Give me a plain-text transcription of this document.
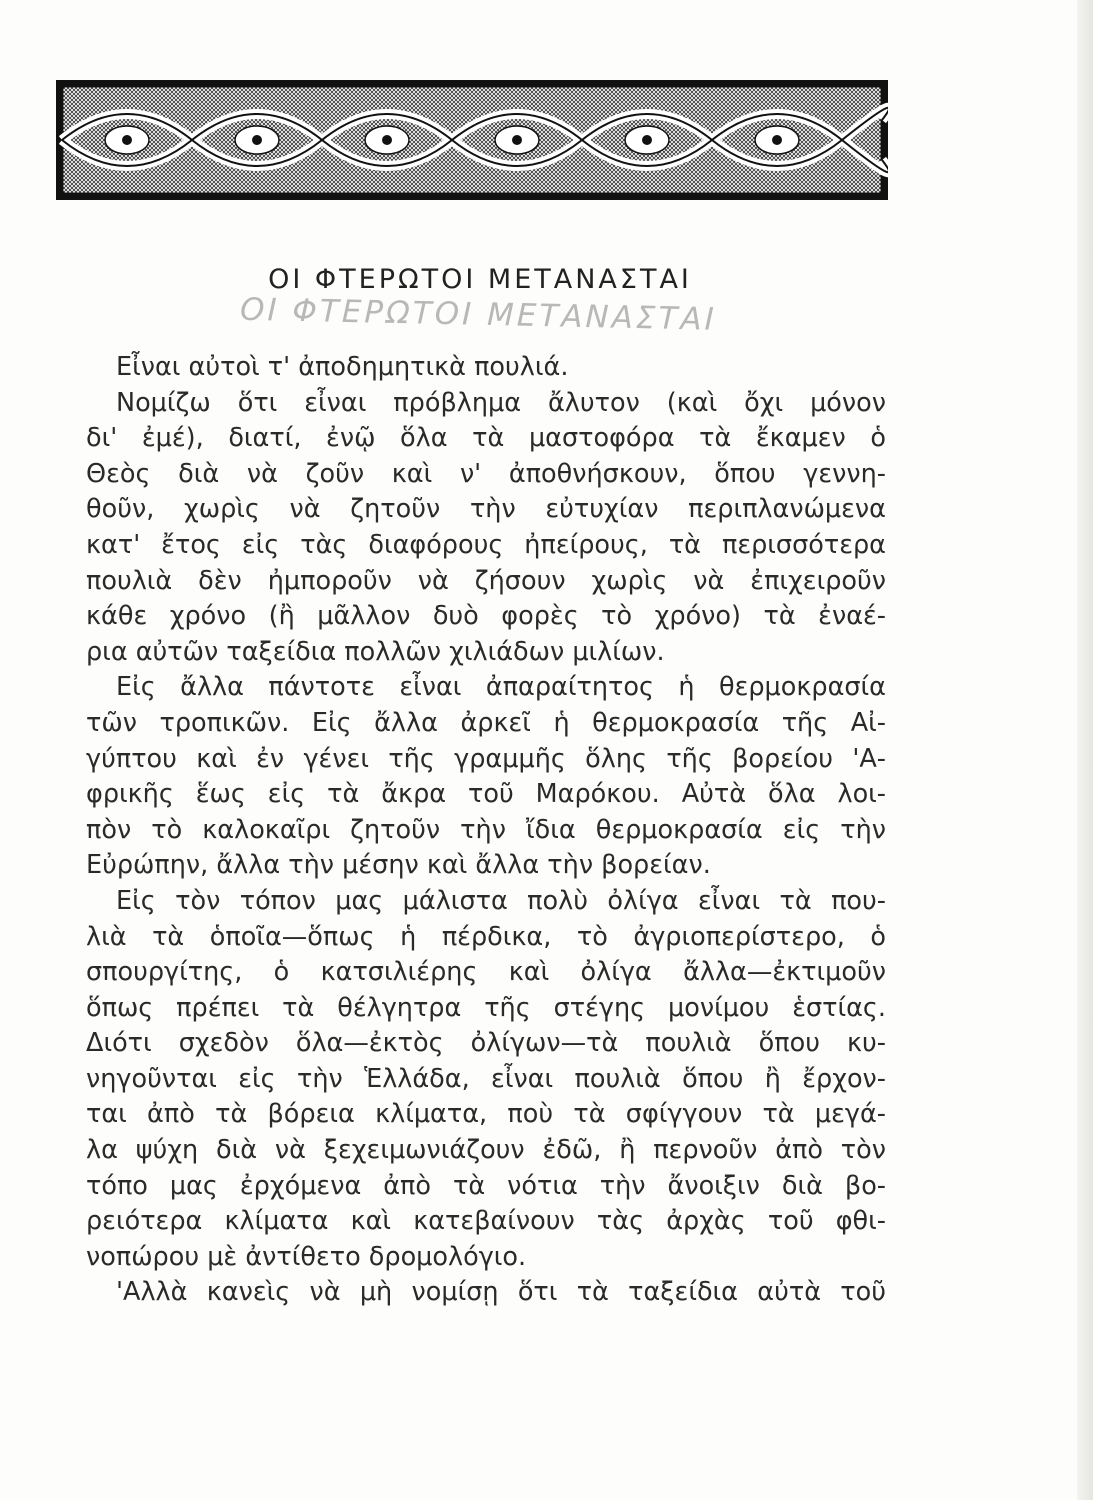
ΟΙ ΦΤΕΡΩΤΟΙ ΜΕΤΑΝΑΣΤΑΙ
ΟΙ ΦΤΕΡΩΤΟΙ ΜΕΤΑΝΑΣΤΑΙ
Εἶναι αὐτοὶ τ' ἀποδημητικὰ πουλιά.
Νομίζω ὅτι εἶναι πρόβλημα ἄλυτον (καὶ ὄχι μόνον
δι' ἐμέ), διατί, ἐνῷ ὅλα τὰ μαστοφόρα τὰ ἔκαμεν ὁ
Θεὸς διὰ νὰ ζοῦν καὶ ν' ἀποθνήσκουν, ὅπου γεννη-
θοῦν, χωρὶς νὰ ζητοῦν τὴν εὐτυχίαν περιπλανώμενα
κατ' ἔτος εἰς τὰς διαφόρους ἠπείρους, τὰ περισσότερα
πουλιὰ δὲν ἠμποροῦν νὰ ζήσουν χωρὶς νὰ ἐπιχειροῦν
κάθε χρόνο (ἢ μᾶλλον δυὸ φορὲς τὸ χρόνο) τὰ ἐναέ-
ρια αὐτῶν ταξείδια πολλῶν χιλιάδων μιλίων.
Εἰς ἄλλα πάντοτε εἶναι ἀπαραίτητος ἡ θερμοκρασία
τῶν τροπικῶν. Εἰς ἄλλα ἀρκεῖ ἡ θερμοκρασία τῆς Αἰ-
γύπτου καὶ ἐν γένει τῆς γραμμῆς ὅλης τῆς βορείου 'Α-
φρικῆς ἕως εἰς τὰ ἄκρα τοῦ Μαρόκου. Αὐτὰ ὅλα λοι-
πὸν τὸ καλοκαῖρι ζητοῦν τὴν ἴδια θερμοκρασία εἰς τὴν
Εὐρώπην, ἄλλα τὴν μέσην καὶ ἄλλα τὴν βορείαν.
Εἰς τὸν τόπον μας μάλιστα πολὺ ὀλίγα εἶναι τὰ που-
λιὰ τὰ ὁποῖα—ὅπως ἡ πέρδικα, τὸ ἀγριοπερίστερο, ὁ
σπουργίτης, ὁ κατσιλιέρης καὶ ὀλίγα ἄλλα—ἐκτιμοῦν
ὅπως πρέπει τὰ θέλγητρα τῆς στέγης μονίμου ἑστίας.
Διότι σχεδὸν ὅλα—ἐκτὸς ὀλίγων—τὰ πουλιὰ ὅπου κυ-
νηγοῦνται εἰς τὴν Ἑλλάδα, εἶναι πουλιὰ ὅπου ἢ ἔρχον-
ται ἀπὸ τὰ βόρεια κλίματα, ποὺ τὰ σφίγγουν τὰ μεγά-
λα ψύχη διὰ νὰ ξεχειμωνιάζουν ἐδῶ, ἢ περνοῦν ἀπὸ τὸν
τόπο μας ἐρχόμενα ἀπὸ τὰ νότια τὴν ἄνοιξιν διὰ βο-
ρειότερα κλίματα καὶ κατεβαίνουν τὰς ἀρχὰς τοῦ φθι-
νοπώρου μὲ ἀντίθετο δρομολόγιο.
'Αλλὰ κανεὶς νὰ μὴ νομίσῃ ὅτι τὰ ταξείδια αὐτὰ τοῦ
